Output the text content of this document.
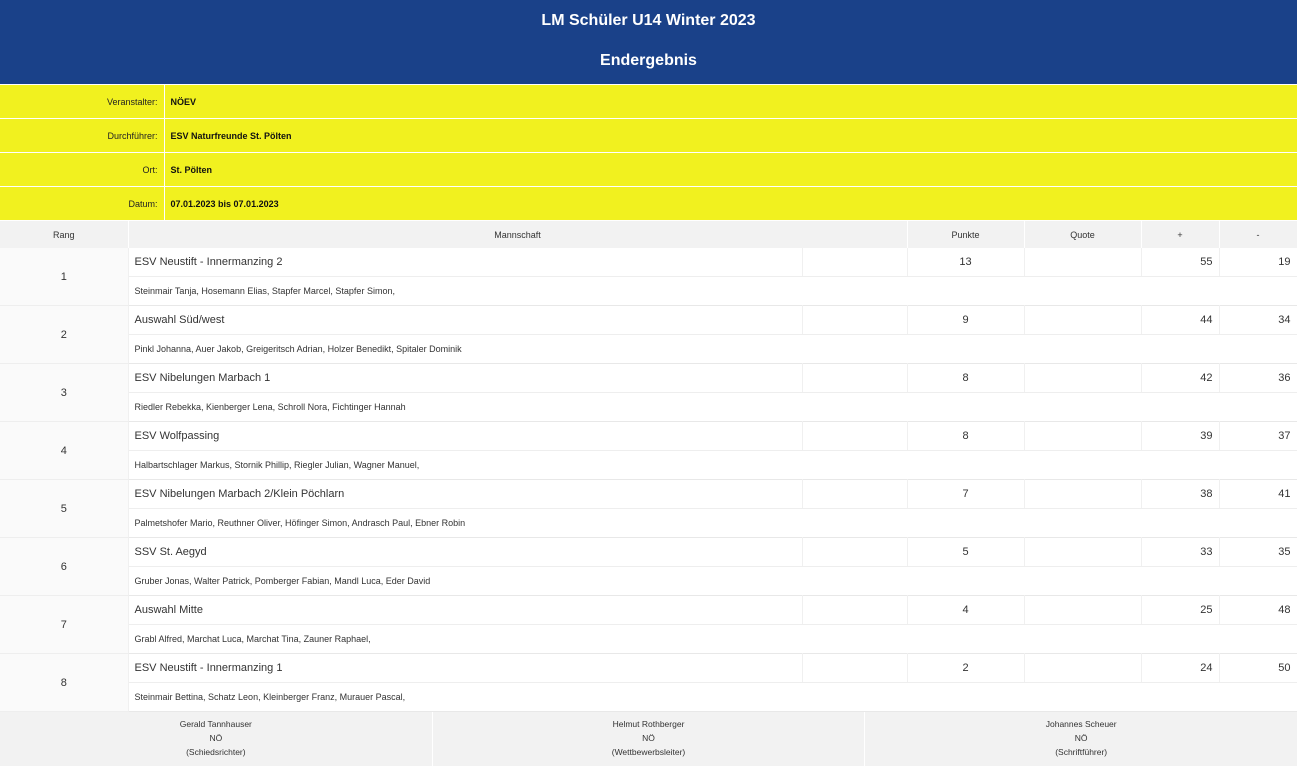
LM Schüler U14 Winter 2023
Endergebnis
Veranstalter:	NÖEV
Durchführer:	ESV Naturfreunde St. Pölten
Ort:	St. Pölten
Datum:	07.01.2023 bis 07.01.2023
Rang	Mannschaft		Punkte	Quote	+	-
1	ESV Neustift - Innermanzing 2		13		55	19
	Steinmair Tanja, Hosemann Elias, Stapfer Marcel, Stapfer Simon,					
2	Auswahl Süd/west		9		44	34
	Pinkl Johanna, Auer Jakob, Greigeritsch Adrian, Holzer Benedikt, Spitaler Dominik					
3	ESV Nibelungen Marbach 1		8		42	36
	Riedler Rebekka, Kienberger Lena, Schroll Nora, Fichtinger Hannah					
4	ESV Wolfpassing		8		39	37
	Halbartschlager Markus, Stornik Phillip, Riegler Julian, Wagner Manuel,					
5	ESV Nibelungen Marbach 2/Klein Pöchlarn		7		38	41
	Palmetshofer Mario, Reuthner Oliver, Höfinger Simon, Andrasch Paul, Ebner Robin					
6	SSV St. Aegyd		5		33	35
	Gruber Jonas, Walter Patrick, Pomberger Fabian, Mandl Luca, Eder David					
7	Auswahl Mitte		4		25	48
	Grabl Alfred, Marchat Luca, Marchat Tina, Zauner Raphael,					
8	ESV Neustift - Innermanzing 1		2		24	50
	Steinmair Bettina, Schatz Leon, Kleinberger Franz, Murauer Pascal,					
Gerald Tannhauser
NÖ
(Schiedsrichter)
Helmut Rothberger
NÖ
(Wettbewerbsleiter)
Johannes Scheuer
NÖ
(Schriftführer)
